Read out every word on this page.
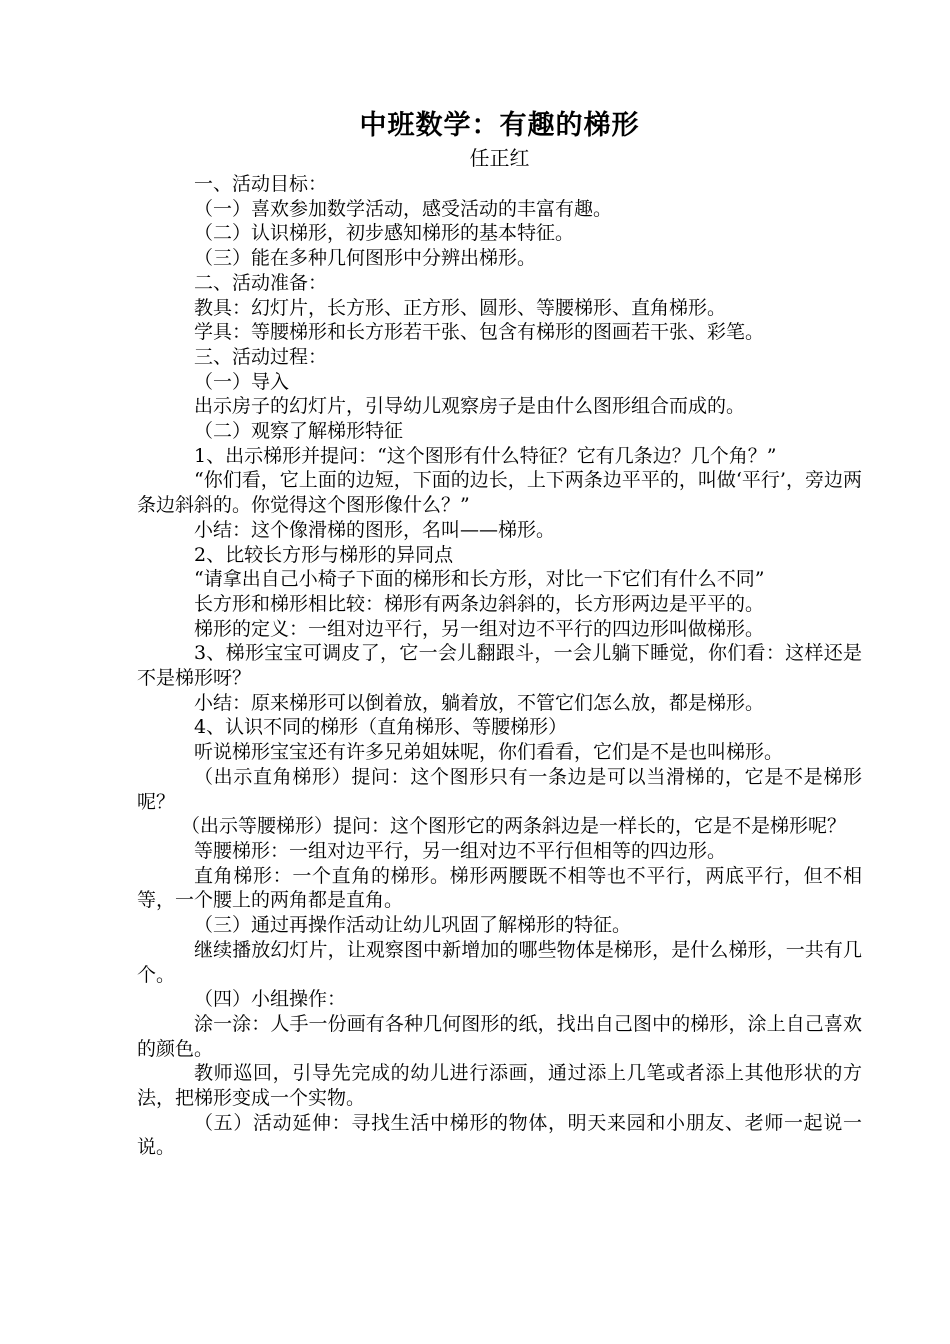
中班数学：有趣的梯形

任正红

一、活动目标：

（一）喜欢参加数学活动，感受活动的丰富有趣。

（二）认识梯形，初步感知梯形的基本特征。

（三）能在多种几何图形中分辨出梯形。

二、活动准备：

教具：幻灯片，长方形、正方形、圆形、等腰梯形、直角梯形。

学具：等腰梯形和长方形若干张、包含有梯形的图画若干张、彩笔。

三、活动过程：

（一）导入

出示房子的幻灯片，引导幼儿观察房子是由什么图形组合而成的。

（二）观察了解梯形特征

1、出示梯形并提问：“这个图形有什么特征？它有几条边？几个角？”

“你们看，它上面的边短，下面的边长，上下两条边平平的，叫做‘平行’，旁边两条边斜斜的。你觉得这个图形像什么？”

小结：这个像滑梯的图形，名叫——梯形。

2、比较长方形与梯形的异同点

“请拿出自己小椅子下面的梯形和长方形，对比一下它们有什么不同”

长方形和梯形相比较：梯形有两条边斜斜的，长方形两边是平平的。

梯形的定义：一组对边平行，另一组对边不平行的四边形叫做梯形。

3、梯形宝宝可调皮了，它一会儿翻跟斗，一会儿躺下睡觉，你们看：这样还是不是梯形呀？

小结：原来梯形可以倒着放，躺着放，不管它们怎么放，都是梯形。

4、认识不同的梯形（直角梯形、等腰梯形）

听说梯形宝宝还有许多兄弟姐妹呢，你们看看，它们是不是也叫梯形。

（出示直角梯形）提问：这个图形只有一条边是可以当滑梯的，它是不是梯形呢？

（出示等腰梯形）提问：这个图形它的两条斜边是一样长的，它是不是梯形呢？

等腰梯形：一组对边平行，另一组对边不平行但相等的四边形。

直角梯形：一个直角的梯形。梯形两腰既不相等也不平行，两底平行，但不相等，一个腰上的两角都是直角。

（三）通过再操作活动让幼儿巩固了解梯形的特征。

继续播放幻灯片，让观察图中新增加的哪些物体是梯形，是什么梯形，一共有几个。

（四）小组操作：

涂一涂：人手一份画有各种几何图形的纸，找出自己图中的梯形，涂上自己喜欢的颜色。

教师巡回，引导先完成的幼儿进行添画，通过添上几笔或者添上其他形状的方法，把梯形变成一个实物。

（五）活动延伸：寻找生活中梯形的物体，明天来园和小朋友、老师一起说一说。
